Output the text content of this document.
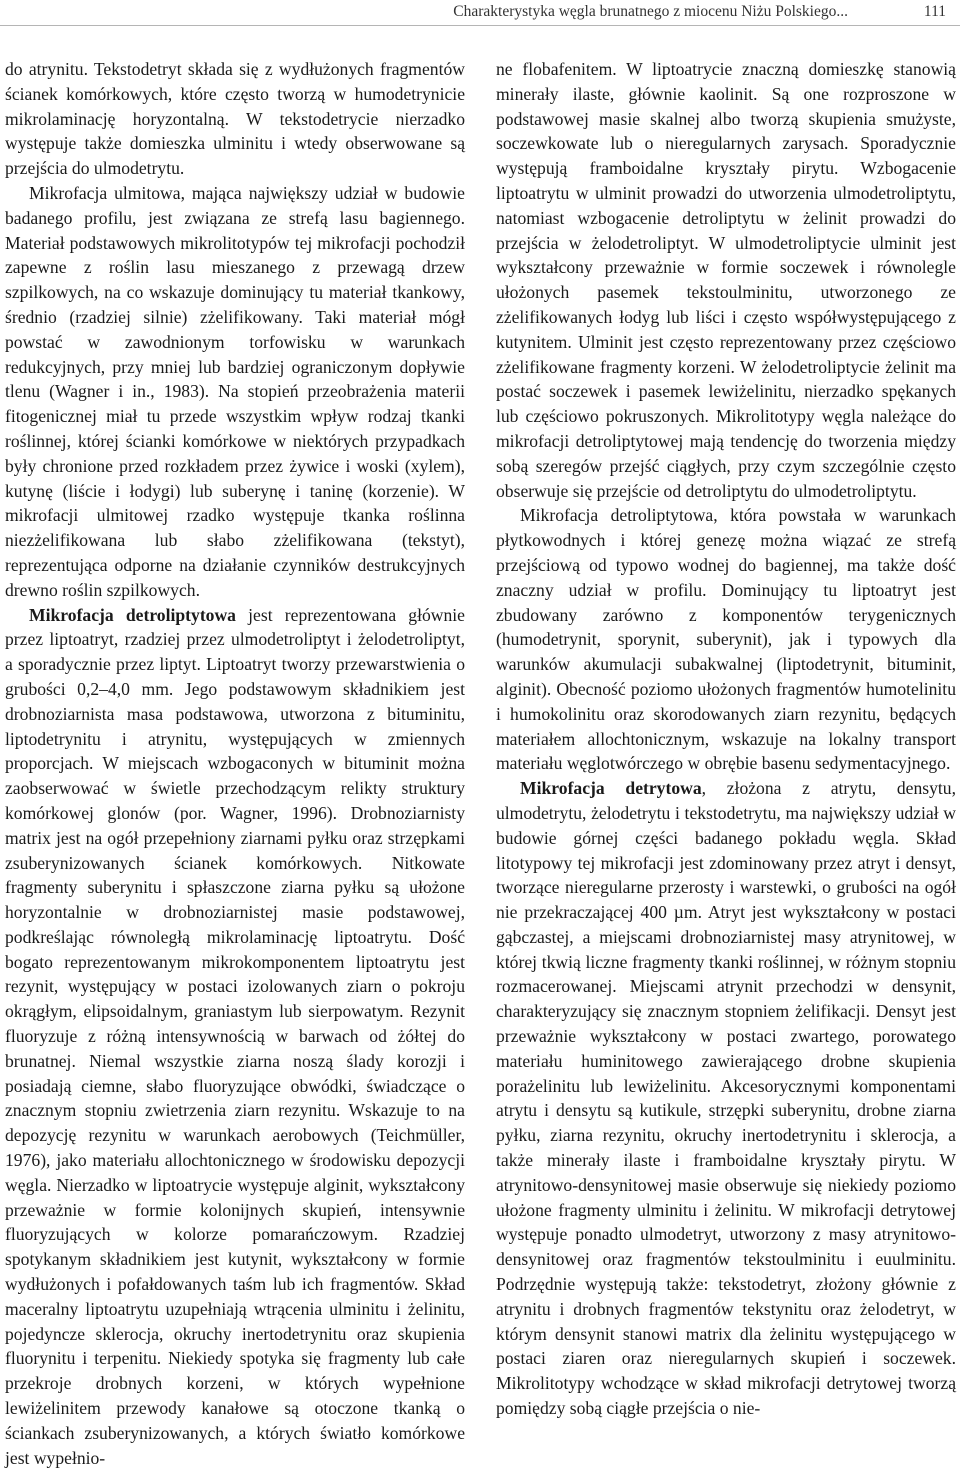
Charakterystyka węgla brunatnego z miocenu Niżu Polskiego...	111

do atrynitu. Tekstodetryt składa się z wydłużonych fragmentów ścianek komórkowych, które często tworzą w humodetrynicie mikrolaminację horyzontalną. W tekstodetrycie nierzadko występuje także domieszka ulminitu i wtedy obserwowane są przejścia do ulmodetrytu.

Mikrofacja ulmitowa, mająca największy udział w budowie badanego profilu, jest związana ze strefą lasu bagiennego. Materiał podstawowych mikrolitotypów tej mikrofacji pochodził zapewne z roślin lasu mieszanego z przewagą drzew szpilkowych, na co wskazuje dominujący tu materiał tkankowy, średnio (rzadziej silnie) zżelifikowany. Taki materiał mógł powstać w zawodnionym torfowisku w warunkach redukcyjnych, przy mniej lub bardziej ograniczonym dopływie tlenu (Wagner i in., 1983). Na stopień przeobrażenia materii fitogenicznej miał tu przede wszystkim wpływ rodzaj tkanki roślinnej, której ścianki komórkowe w niektórych przypadkach były chronione przed rozkładem przez żywice i woski (xylem), kutynę (liście i łodygi) lub suberynę i taninę (korzenie). W mikrofacji ulmitowej rzadko występuje tkanka roślinna niezżelifikowana lub słabo zżelifikowana (tekstyt), reprezentująca odporne na działanie czynników destrukcyjnych drewno roślin szpilkowych.

Mikrofacja detroliptytowa jest reprezentowana głównie przez liptoatryt, rzadziej przez ulmodetroliptyt i żelodetroliptyt, a sporadycznie przez liptyt. Liptoatryt tworzy przewarstwienia o grubości 0,2–4,0 mm. Jego podstawowym składnikiem jest drobnoziarnista masa podstawowa, utworzona z bituminitu, liptodetrynitu i atrynitu, występujących w zmiennych proporcjach. W miejscach wzbogaconych w bituminit można zaobserwować w świetle przechodzącym relikty struktury komórkowej glonów (por. Wagner, 1996). Drobnoziarnisty matrix jest na ogół przepełniony ziarnami pyłku oraz strzępkami zsuberynizowanych ścianek komórkowych. Nitkowate fragmenty suberynitu i spłaszczone ziarna pyłku są ułożone horyzontalnie w drobnoziarnistej masie podstawowej, podkreślając równoległą mikrolaminację liptoatrytu. Dość bogato reprezentowanym mikrokomponentem liptoatrytu jest rezynit, występujący w postaci izolowanych ziarn o pokroju okrągłym, elipsoidalnym, graniastym lub sierpowatym. Rezynit fluoryzuje z różną intensywnością w barwach od żółtej do brunatnej. Niemal wszystkie ziarna noszą ślady korozji i posiadają ciemne, słabo fluoryzujące obwódki, świadczące o znacznym stopniu zwietrzenia ziarn rezynitu. Wskazuje to na depozycję rezynitu w warunkach aerobowych (Teichmüller, 1976), jako materiału allochtonicznego w środowisku depozycji węgla. Nierzadko w liptoatrycie występuje alginit, wykształcony przeważnie w formie kolonijnych skupień, intensywnie fluoryzujących w kolorze pomarańczowym. Rzadziej spotykanym składnikiem jest kutynit, wykształcony w formie wydłużonych i pofałdowanych taśm lub ich fragmentów. Skład maceralny liptoatrytu uzupełniają wtrącenia ulminitu i żelinitu, pojedyncze sklerocja, okruchy inertodetrynitu oraz skupienia fluorynitu i terpenitu. Niekiedy spotyka się fragmenty lub całe przekroje drobnych korzeni, w których wypełnione lewiżelinitem przewody kanałowe są otoczone tkanką o ściankach zsuberynizowanych, a których światło komórkowe jest wypełnio-

ne flobafenitem. W liptoatrycie znaczną domieszkę stanowią minerały ilaste, głównie kaolinit. Są one rozproszone w podstawowej masie skalnej albo tworzą skupienia smużyste, soczewkowate lub o nieregularnych zarysach. Sporadycznie występują framboidalne kryształy pirytu. Wzbogacenie liptoatrytu w ulminit prowadzi do utworzenia ulmodetroliptytu, natomiast wzbogacenie detroliptytu w żelinit prowadzi do przejścia w żelodetroliptyt. W ulmodetroliptycie ulminit jest wykształcony przeważnie w formie soczewek i równolegle ułożonych pasemek tekstoulminitu, utworzonego ze zżelifikowanych łodyg lub liści i często współwystępującego z kutynitem. Ulminit jest często reprezentowany przez częściowo zżelifikowane fragmenty korzeni. W żelodetroliptycie żelinit ma postać soczewek i pasemek lewiżelinitu, nierzadko spękanych lub częściowo pokruszonych. Mikrolitotypy węgla należące do mikrofacji detroliptytowej mają tendencję do tworzenia między sobą szeregów przejść ciągłych, przy czym szczególnie często obserwuje się przejście od detroliptytu do ulmodetroliptytu.

Mikrofacja detroliptytowa, która powstała w warunkach płytkowodnych i której genezę można wiązać ze strefą przejściową od typowo wodnej do bagiennej, ma także dość znaczny udział w profilu. Dominujący tu liptoatryt jest zbudowany zarówno z komponentów terygenicznych (humodetrynit, sporynit, suberynit), jak i typowych dla warunków akumulacji subakwalnej (liptodetrynit, bituminit, alginit). Obecność poziomo ułożonych fragmentów humotelinitu i humokolinitu oraz skorodowanych ziarn rezynitu, będących materiałem allochtonicznym, wskazuje na lokalny transport materiału węglotwórczego w obrębie basenu sedymentacyjnego.

Mikrofacja detrytowa, złożona z atrytu, densytu, ulmodetrytu, żelodetrytu i tekstodetrytu, ma największy udział w budowie górnej części badanego pokładu węgla. Skład litotypowy tej mikrofacji jest zdominowany przez atryt i densyt, tworzące nieregularne przerosty i warstewki, o grubości na ogół nie przekraczającej 400 µm. Atryt jest wykształcony w postaci gąbczastej, a miejscami drobnoziarnistej masy atrynitowej, w której tkwią liczne fragmenty tkanki roślinnej, w różnym stopniu rozmacerowanej. Miejscami atrynit przechodzi w densynit, charakteryzujący się znacznym stopniem żelifikacji. Densyt jest przeważnie wykształcony w postaci zwartego, porowatego materiału huminitowego zawierającego drobne skupienia porażelinitu lub lewiżelinitu. Akcesorycznymi komponentami atrytu i densytu są kutikule, strzępki suberynitu, drobne ziarna pyłku, ziarna rezynitu, okruchy inertodetrynitu i sklerocja, a także minerały ilaste i framboidalne kryształy pirytu. W atrynitowo-densynitowej masie obserwuje się niekiedy poziomo ułożone fragmenty ulminitu i żelinitu. W mikrofacji detrytowej występuje ponadto ulmodetryt, utworzony z masy atrynitowo-densynitowej oraz fragmentów tekstoulminitu i euulminitu. Podrzędnie występują także: tekstodetryt, złożony głównie z atrynitu i drobnych fragmentów tekstynitu oraz żelodetryt, w którym densynit stanowi matrix dla żelinitu występującego w postaci ziaren oraz nieregularnych skupień i soczewek. Mikrolitotypy wchodzące w skład mikrofacji detrytowej tworzą pomiędzy sobą ciągłe przejścia o nie-
